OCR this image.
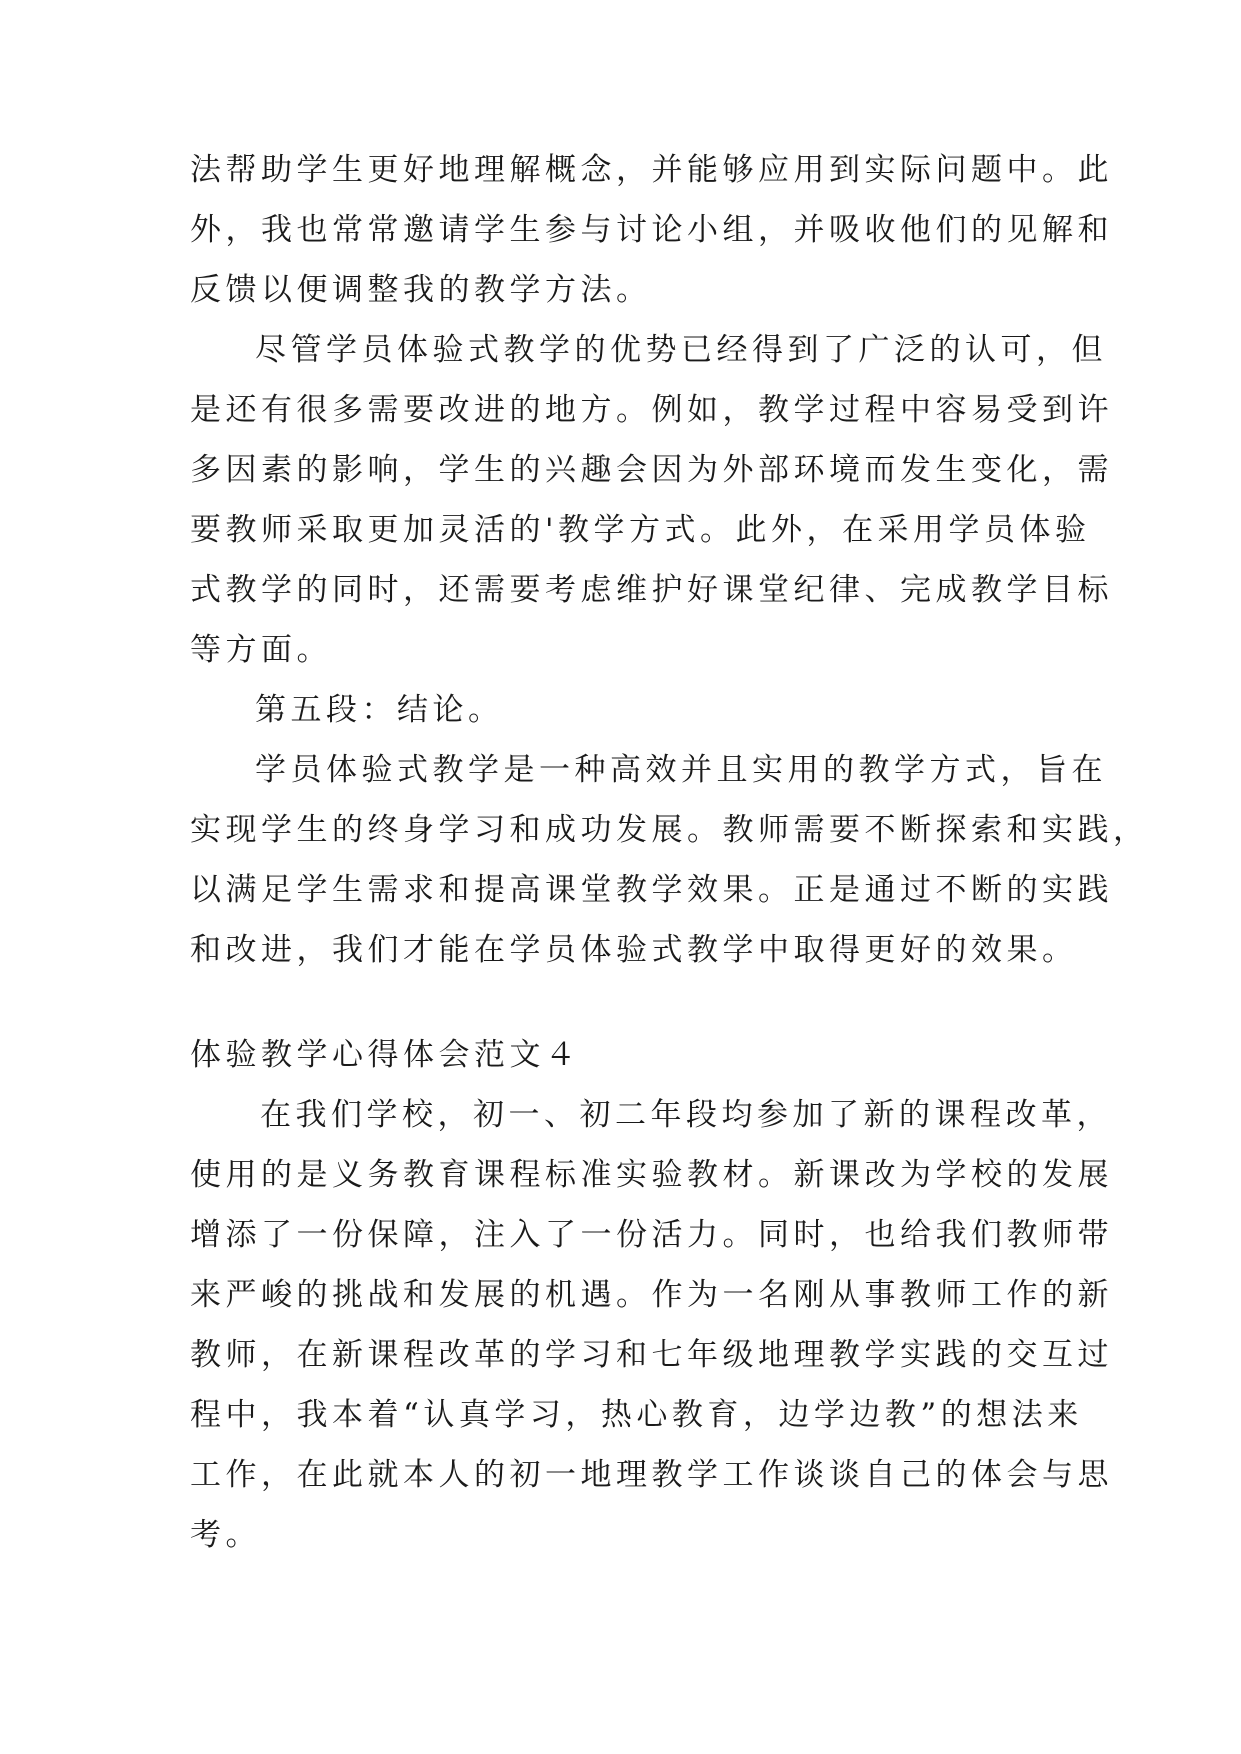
法帮助学生更好地理解概念，并能够应用到实际问题中。此
外，我也常常邀请学生参与讨论小组，并吸收他们的见解和
反馈以便调整我的教学方法。
尽管学员体验式教学的优势已经得到了广泛的认可，但
是还有很多需要改进的地方。例如，教学过程中容易受到许
多因素的影响，学生的兴趣会因为外部环境而发生变化，需
要教师采取更加灵活的'教学方式。此外，在采用学员体验
式教学的同时，还需要考虑维护好课堂纪律、完成教学目标
等方面。
第五段：结论。
学员体验式教学是一种高效并且实用的教学方式，旨在
实现学生的终身学习和成功发展。教师需要不断探索和实践，
以满足学生需求和提高课堂教学效果。正是通过不断的实践
和改进，我们才能在学员体验式教学中取得更好的效果。
体验教学心得体会范文４
在我们学校，初一、初二年段均参加了新的课程改革，
使用的是义务教育课程标准实验教材。新课改为学校的发展
增添了一份保障，注入了一份活力。同时，也给我们教师带
来严峻的挑战和发展的机遇。作为一名刚从事教师工作的新
教师，在新课程改革的学习和七年级地理教学实践的交互过
程中，我本着“认真学习，热心教育，边学边教”的想法来
工作，在此就本人的初一地理教学工作谈谈自己的体会与思
考。
